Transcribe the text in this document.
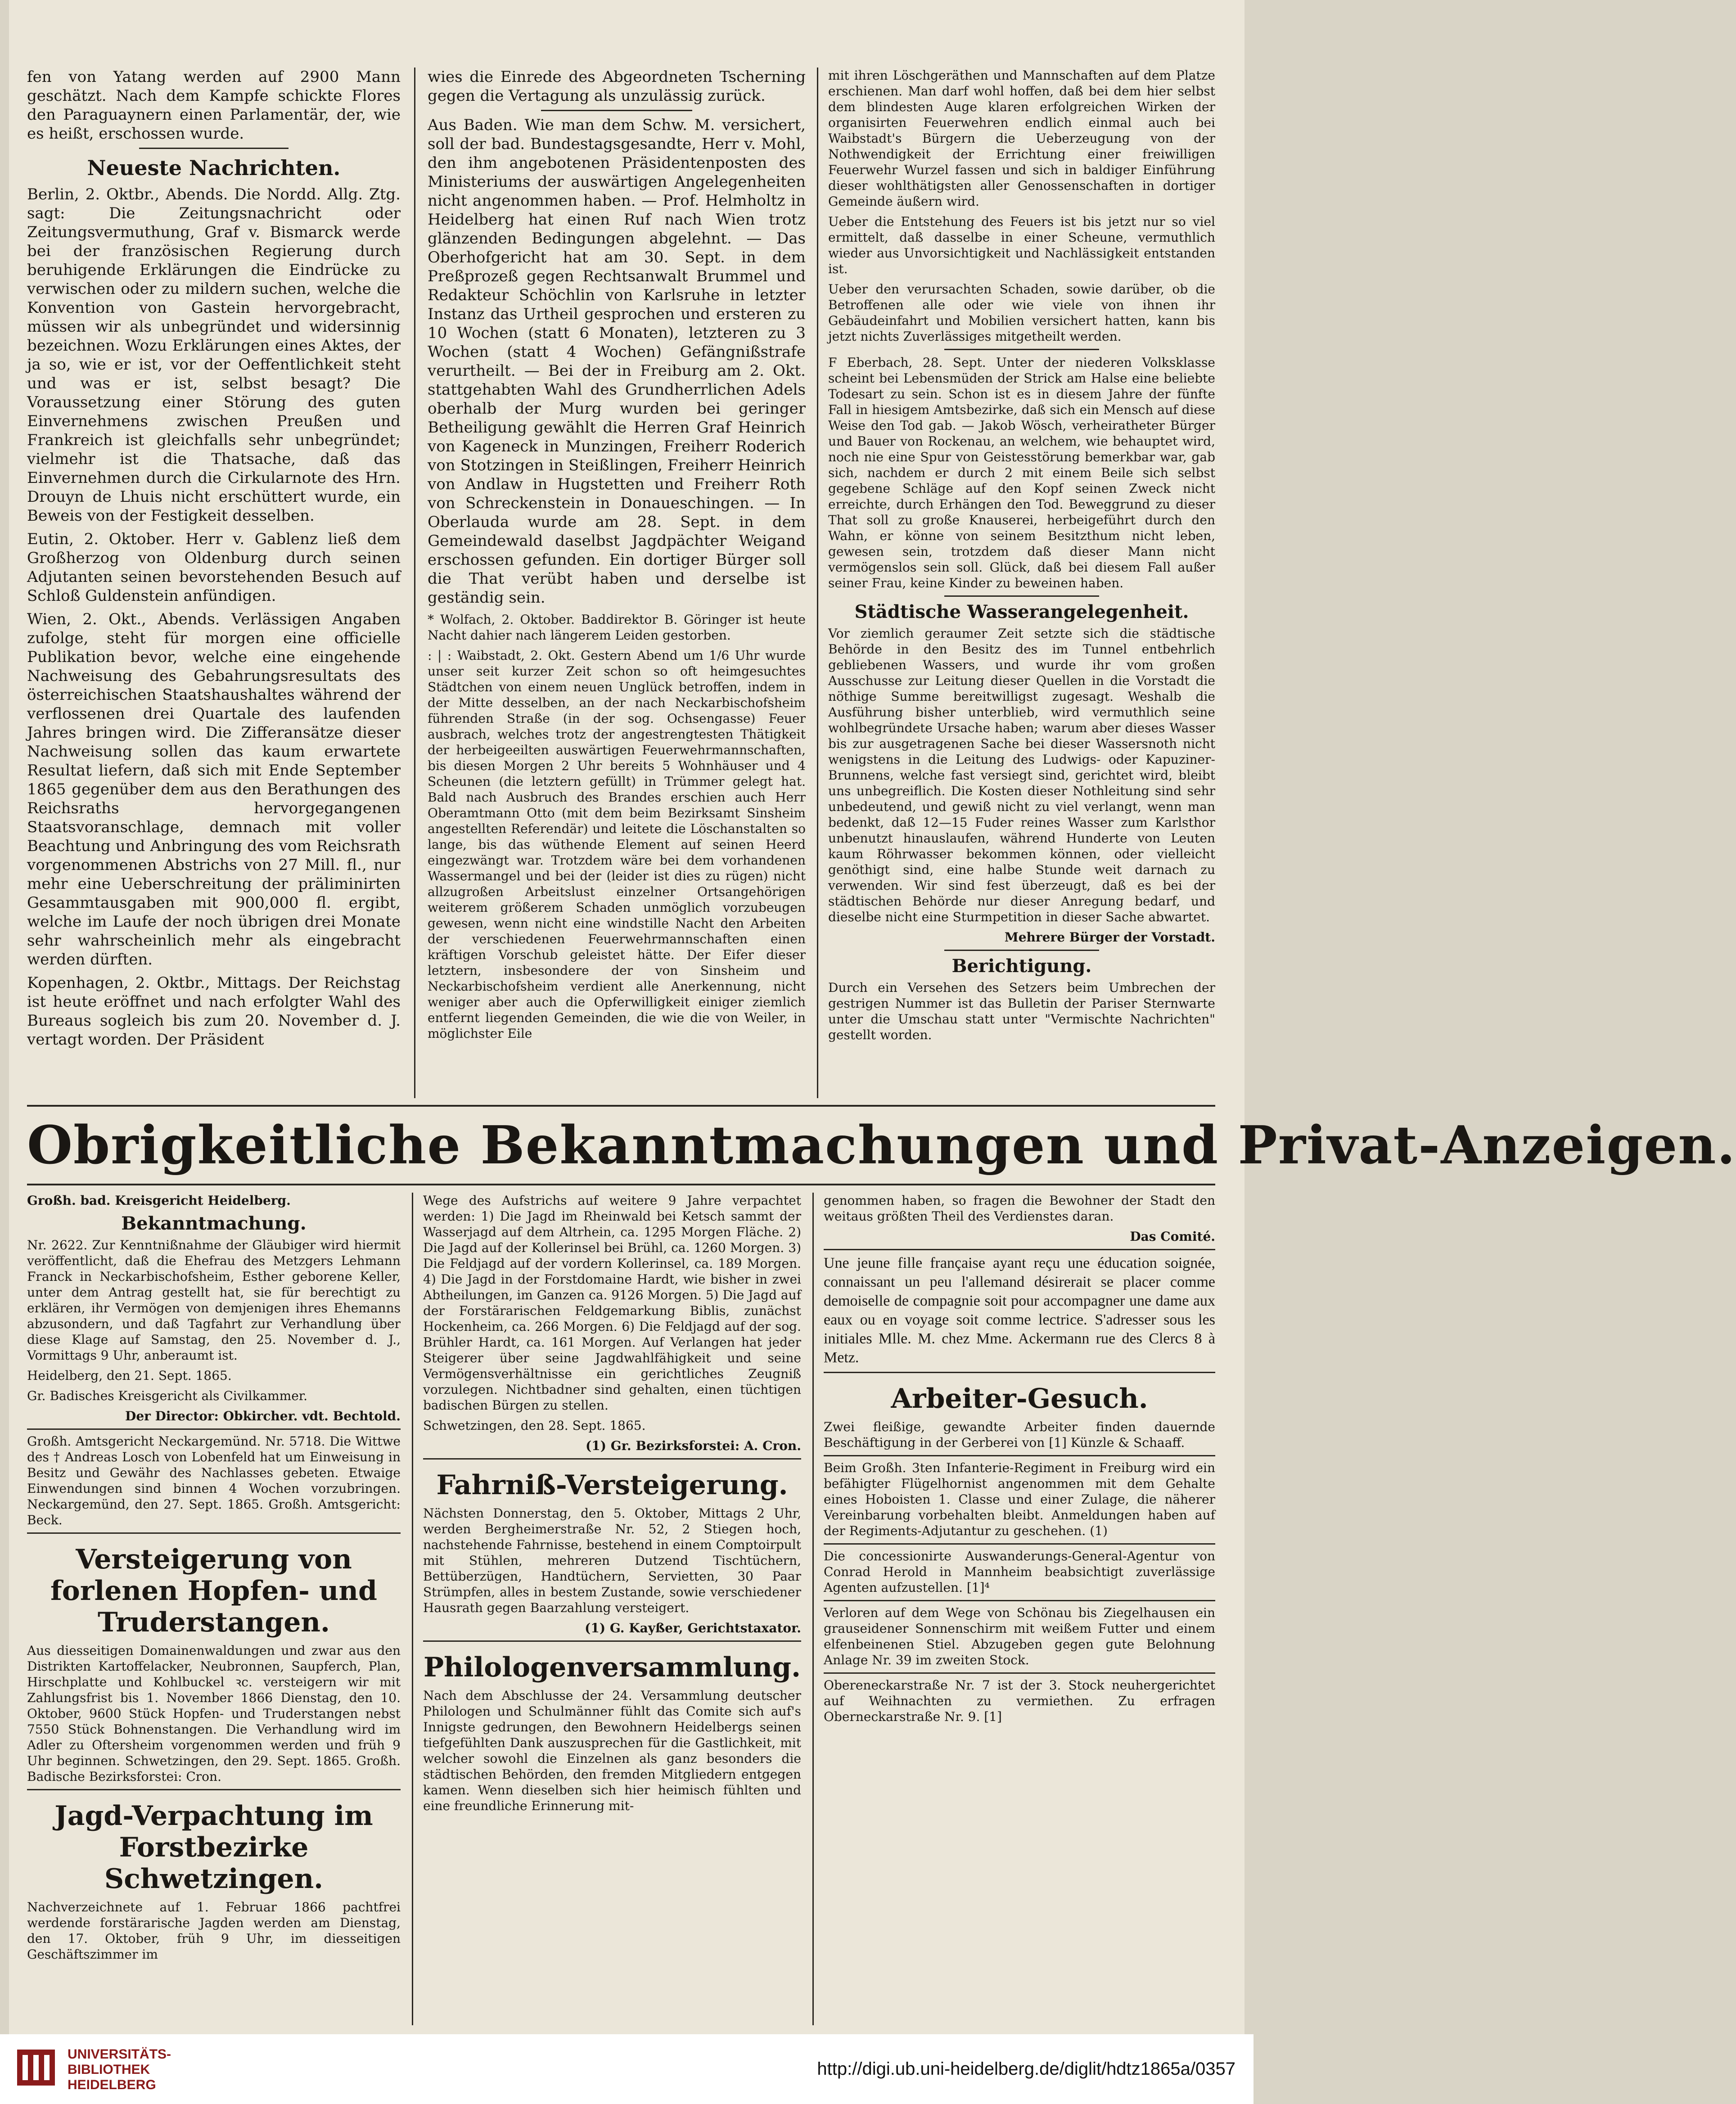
fen von Yatang werden auf 2900 Mann geschätzt. Nach dem Kampfe schickte Flores den Paraguaynern einen Parlamentär, der, wie es heißt, erschossen wurde.

Neueste Nachrichten.

Berlin, 2. Oktbr., Abends. Die Nordd. Allg. Ztg. sagt: Die Zeitungsnachricht oder Zeitungsvermuthung, Graf v. Bismarck werde bei der französischen Regierung durch beruhigende Erklärungen die Eindrücke zu verwischen oder zu mildern suchen, welche die Konvention von Gastein hervorgebracht, müssen wir als unbegründet und widersinnig bezeichnen. Wozu Erklärungen eines Aktes, der ja so, wie er ist, vor der Oeffentlichkeit steht und was er ist, selbst besagt? Die Voraussetzung einer Störung des guten Einvernehmens zwischen Preußen und Frankreich ist gleichfalls sehr unbegründet; vielmehr ist die Thatsache, daß das Einvernehmen durch die Cirkularnote des Hrn. Drouyn de Lhuis nicht erschüttert wurde, ein Beweis von der Festigkeit desselben.

Eutin, 2. Oktober. Herr v. Gablenz ließ dem Großherzog von Oldenburg durch seinen Adjutanten seinen bevorstehenden Besuch auf Schloß Guldenstein anfündigen.

Wien, 2. Okt., Abends. Verlässigen Angaben zufolge, steht für morgen eine officielle Publikation bevor, welche eine eingehende Nachweisung des Gebahrungsresultats des österreichischen Staatshaushaltes während der verflossenen drei Quartale des laufenden Jahres bringen wird. Die Zifferansätze dieser Nachweisung sollen das kaum erwartete Resultat liefern, daß sich mit Ende September 1865 gegenüber dem aus den Berathungen des Reichsraths hervorgegangenen Staatsvoranschlage, demnach mit voller Beachtung und Anbringung des vom Reichsrath vorgenommenen Abstrichs von 27 Mill. fl., nur mehr eine Ueberschreitung der präliminirten Gesammtausgaben mit 900,000 fl. ergibt, welche im Laufe der noch übrigen drei Monate sehr wahrscheinlich mehr als eingebracht werden dürften.

Kopenhagen, 2. Oktbr., Mittags. Der Reichstag ist heute eröffnet und nach erfolgter Wahl des Bureaus sogleich bis zum 20. November d. J. vertagt worden. Der Präsident

wies die Einrede des Abgeordneten Tscherning gegen die Vertagung als unzulässig zurück.

Aus Baden. Wie man dem Schw. M. versichert, soll der bad. Bundestagsgesandte, Herr v. Mohl, den ihm angebotenen Präsidentenposten des Ministeriums der auswärtigen Angelegenheiten nicht angenommen haben. — Prof. Helmholtz in Heidelberg hat einen Ruf nach Wien trotz glänzenden Bedingungen abgelehnt. — Das Oberhofgericht hat am 30. Sept. in dem Preßprozeß gegen Rechtsanwalt Brummel und Redakteur Schöchlin von Karlsruhe in letzter Instanz das Urtheil gesprochen und ersteren zu 10 Wochen (statt 6 Monaten), letzteren zu 3 Wochen (statt 4 Wochen) Gefängnißstrafe verurtheilt. — Bei der in Freiburg am 2. Okt. stattgehabten Wahl des Grundherrlichen Adels oberhalb der Murg wurden bei geringer Betheiligung gewählt die Herren Graf Heinrich von Kageneck in Munzingen, Freiherr Roderich von Stotzingen in Steißlingen, Freiherr Heinrich von Andlaw in Hugstetten und Freiherr Roth von Schreckenstein in Donaueschingen. — In Oberlauda wurde am 28. Sept. in dem Gemeindewald daselbst Jagdpächter Weigand erschossen gefunden. Ein dortiger Bürger soll die That verübt haben und derselbe ist geständig sein.

* Wolfach, 2. Oktober. Baddirektor B. Göringer ist heute Nacht dahier nach längerem Leiden gestorben.

: | : Waibstadt, 2. Okt. Gestern Abend um 1/6 Uhr wurde unser seit kurzer Zeit schon so oft heimgesuchtes Städtchen von einem neuen Unglück betroffen, indem in der Mitte desselben, an der nach Neckarbischofsheim führenden Straße (in der sog. Ochsengasse) Feuer ausbrach, welches trotz der angestrengtesten Thätigkeit der herbeigeeilten auswärtigen Feuerwehrmannschaften, bis diesen Morgen 2 Uhr bereits 5 Wohnhäuser und 4 Scheunen (die letztern gefüllt) in Trümmer gelegt hat. Bald nach Ausbruch des Brandes erschien auch Herr Oberamtmann Otto (mit dem beim Bezirksamt Sinsheim angestellten Referendär) und leitete die Löschanstalten so lange, bis das wüthende Element auf seinen Heerd eingezwängt war. Trotzdem wäre bei dem vorhandenen Wassermangel und bei der (leider ist dies zu rügen) nicht allzugroßen Arbeitslust einzelner Ortsangehörigen weiterem größerem Schaden unmöglich vorzubeugen gewesen, wenn nicht eine windstille Nacht den Arbeiten der verschiedenen Feuerwehrmannschaften einen kräftigen Vorschub geleistet hätte. Der Eifer dieser letztern, insbesondere der von Sinsheim und Neckarbischofsheim verdient alle Anerkennung, nicht weniger aber auch die Opferwilligkeit einiger ziemlich entfernt liegenden Gemeinden, die wie die von Weiler, in möglichster Eile

mit ihren Löschgeräthen und Mannschaften auf dem Platze erschienen. Man darf wohl hoffen, daß bei dem hier selbst dem blindesten Auge klaren erfolgreichen Wirken der organisirten Feuerwehren endlich einmal auch bei Waibstadt's Bürgern die Ueberzeugung von der Nothwendigkeit der Errichtung einer freiwilligen Feuerwehr Wurzel fassen und sich in baldiger Einführung dieser wohlthätigsten aller Genossenschaften in dortiger Gemeinde äußern wird.

Ueber die Entstehung des Feuers ist bis jetzt nur so viel ermittelt, daß dasselbe in einer Scheune, vermuthlich wieder aus Unvorsichtigkeit und Nachlässigkeit entstanden ist.

Ueber den verursachten Schaden, sowie darüber, ob die Betroffenen alle oder wie viele von ihnen ihr Gebäudeinfahrt und Mobilien versichert hatten, kann bis jetzt nichts Zuverlässiges mitgetheilt werden.

F Eberbach, 28. Sept. Unter der niederen Volksklasse scheint bei Lebensmüden der Strick am Halse eine beliebte Todesart zu sein. Schon ist es in diesem Jahre der fünfte Fall in hiesigem Amtsbezirke, daß sich ein Mensch auf diese Weise den Tod gab. — Jakob Wösch, verheiratheter Bürger und Bauer von Rockenau, an welchem, wie behauptet wird, noch nie eine Spur von Geistesstörung bemerkbar war, gab sich, nachdem er durch 2 mit einem Beile sich selbst gegebene Schläge auf den Kopf seinen Zweck nicht erreichte, durch Erhängen den Tod. Beweggrund zu dieser That soll zu große Knauserei, herbeigeführt durch den Wahn, er könne von seinem Besitzthum nicht leben, gewesen sein, trotzdem daß dieser Mann nicht vermögenslos sein soll. Glück, daß bei diesem Fall außer seiner Frau, keine Kinder zu beweinen haben.

Städtische Wasserangelegenheit.

Vor ziemlich geraumer Zeit setzte sich die städtische Behörde in den Besitz des im Tunnel entbehrlich gebliebenen Wassers, und wurde ihr vom großen Ausschusse zur Leitung dieser Quellen in die Vorstadt die nöthige Summe bereitwilligst zugesagt. Weshalb die Ausführung bisher unterblieb, wird vermuthlich seine wohlbegründete Ursache haben; warum aber dieses Wasser bis zur ausgetragenen Sache bei dieser Wassersnoth nicht wenigstens in die Leitung des Ludwigs- oder Kapuziner-Brunnens, welche fast versiegt sind, gerichtet wird, bleibt uns unbegreiflich. Die Kosten dieser Nothleitung sind sehr unbedeutend, und gewiß nicht zu viel verlangt, wenn man bedenkt, daß 12—15 Fuder reines Wasser zum Karlsthor unbenutzt hinauslaufen, während Hunderte von Leuten kaum Röhrwasser bekommen können, oder vielleicht genöthigt sind, eine halbe Stunde weit darnach zu verwenden. Wir sind fest überzeugt, daß es bei der städtischen Behörde nur dieser Anregung bedarf, und dieselbe nicht eine Sturmpetition in dieser Sache abwartet.

Mehrere Bürger der Vorstadt.

Berichtigung.

Durch ein Versehen des Setzers beim Umbrechen der gestrigen Nummer ist das Bulletin der Pariser Sternwarte unter die Umschau statt unter "Vermischte Nachrichten" gestellt worden.

Obrigkeitliche Bekanntmachungen und Privat-Anzeigen.

Großh. bad. Kreisgericht Heidelberg.

Bekanntmachung.

Nr. 2622. Zur Kenntnißnahme der Gläubiger wird hiermit veröffentlicht, daß die Ehefrau des Metzgers Lehmann Franck in Neckarbischofsheim, Esther geborene Keller, unter dem Antrag gestellt hat, sie für berechtigt zu erklären, ihr Vermögen von demjenigen ihres Ehemanns abzusondern, und daß Tagfahrt zur Verhandlung über diese Klage auf Samstag, den 25. November d. J., Vormittags 9 Uhr, anberaumt ist.

Heidelberg, den 21. Sept. 1865.

Gr. Badisches Kreisgericht als Civilkammer.

Der Director: Obkircher. vdt. Bechtold.

Großh. Amtsgericht Neckargemünd. Nr. 5718. Die Wittwe des † Andreas Losch von Lobenfeld hat um Einweisung in Besitz und Gewähr des Nachlasses gebeten. Etwaige Einwendungen sind binnen 4 Wochen vorzubringen. Neckargemünd, den 27. Sept. 1865. Großh. Amtsgericht: Beck.

Versteigerung von forlenen Hopfen- und Truderstangen.

Aus diesseitigen Domainenwaldungen und zwar aus den Distrikten Kartoffelacker, Neubronnen, Saupferch, Plan, Hirschplatte und Kohlbuckel ꝛc. versteigern wir mit Zahlungsfrist bis 1. November 1866 Dienstag, den 10. Oktober, 9600 Stück Hopfen- und Truderstangen nebst 7550 Stück Bohnenstangen. Die Verhandlung wird im Adler zu Oftersheim vorgenommen werden und früh 9 Uhr beginnen. Schwetzingen, den 29. Sept. 1865. Großh. Badische Bezirksforstei: Cron.

Jagd-Verpachtung im Forstbezirke Schwetzingen.

Nachverzeichnete auf 1. Februar 1866 pachtfrei werdende forstärarische Jagden werden am Dienstag, den 17. Oktober, früh 9 Uhr, im diesseitigen Geschäftszimmer im

Wege des Aufstrichs auf weitere 9 Jahre verpachtet werden: 1) Die Jagd im Rheinwald bei Ketsch sammt der Wasserjagd auf dem Altrhein, ca. 1295 Morgen Fläche. 2) Die Jagd auf der Kollerinsel bei Brühl, ca. 1260 Morgen. 3) Die Feldjagd auf der vordern Kollerinsel, ca. 189 Morgen. 4) Die Jagd in der Forstdomaine Hardt, wie bisher in zwei Abtheilungen, im Ganzen ca. 9126 Morgen. 5) Die Jagd auf der Forstärarischen Feldgemarkung Biblis, zunächst Hockenheim, ca. 266 Morgen. 6) Die Feldjagd auf der sog. Brühler Hardt, ca. 161 Morgen. Auf Verlangen hat jeder Steigerer über seine Jagdwahlfähigkeit und seine Vermögensverhältnisse ein gerichtliches Zeugniß vorzulegen. Nichtbadner sind gehalten, einen tüchtigen badischen Bürgen zu stellen.

Schwetzingen, den 28. Sept. 1865.

(1) Gr. Bezirksforstei: A. Cron.

Fahrniß-Versteigerung.

Nächsten Donnerstag, den 5. Oktober, Mittags 2 Uhr, werden Bergheimerstraße Nr. 52, 2 Stiegen hoch, nachstehende Fahrnisse, bestehend in einem Comptoirpult mit Stühlen, mehreren Dutzend Tischtüchern, Bettüberzügen, Handtüchern, Servietten, 30 Paar Strümpfen, alles in bestem Zustande, sowie verschiedener Hausrath gegen Baarzahlung versteigert.

(1) G. Kayßer, Gerichtstaxator.

Philologenversammlung.

Nach dem Abschlusse der 24. Versammlung deutscher Philologen und Schulmänner fühlt das Comite sich auf's Innigste gedrungen, den Bewohnern Heidelbergs seinen tiefgefühlten Dank auszusprechen für die Gastlichkeit, mit welcher sowohl die Einzelnen als ganz besonders die städtischen Behörden, den fremden Mitgliedern entgegen kamen. Wenn dieselben sich hier heimisch fühlten und eine freundliche Erinnerung mit-

genommen haben, so fragen die Bewohner der Stadt den weitaus größten Theil des Verdienstes daran.

Das Comité.

Une jeune fille française ayant reçu une éducation soignée, connaissant un peu l'allemand désirerait se placer comme demoiselle de compagnie soit pour accompagner une dame aux eaux ou en voyage soit comme lectrice. S'adresser sous les initiales Mlle. M. chez Mme. Ackermann rue des Clercs 8 à Metz.

Arbeiter-Gesuch.

Zwei fleißige, gewandte Arbeiter finden dauernde Beschäftigung in der Gerberei von [1] Künzle & Schaaff.

Beim Großh. 3ten Infanterie-Regiment in Freiburg wird ein befähigter Flügelhornist angenommen mit dem Gehalte eines Hoboisten 1. Classe und einer Zulage, die näherer Vereinbarung vorbehalten bleibt. Anmeldungen haben auf der Regiments-Adjutantur zu geschehen. (1)

Die concessionirte Auswanderungs-General-Agentur von Conrad Herold in Mannheim beabsichtigt zuverlässige Agenten aufzustellen. [1]⁴

Verloren auf dem Wege von Schönau bis Ziegelhausen ein grauseidener Sonnenschirm mit weißem Futter und einem elfenbeinenen Stiel. Abzugeben gegen gute Belohnung Anlage Nr. 39 im zweiten Stock.

Obereneckarstraße Nr. 7 ist der 3. Stock neuhergerichtet auf Weihnachten zu vermiethen. Zu erfragen Oberneckarstraße Nr. 9. [1]

UNIVERSITÄTS-
BIBLIOTHEK
HEIDELBERG
http://digi.ub.uni-heidelberg.de/diglit/hdtz1865a/0357
